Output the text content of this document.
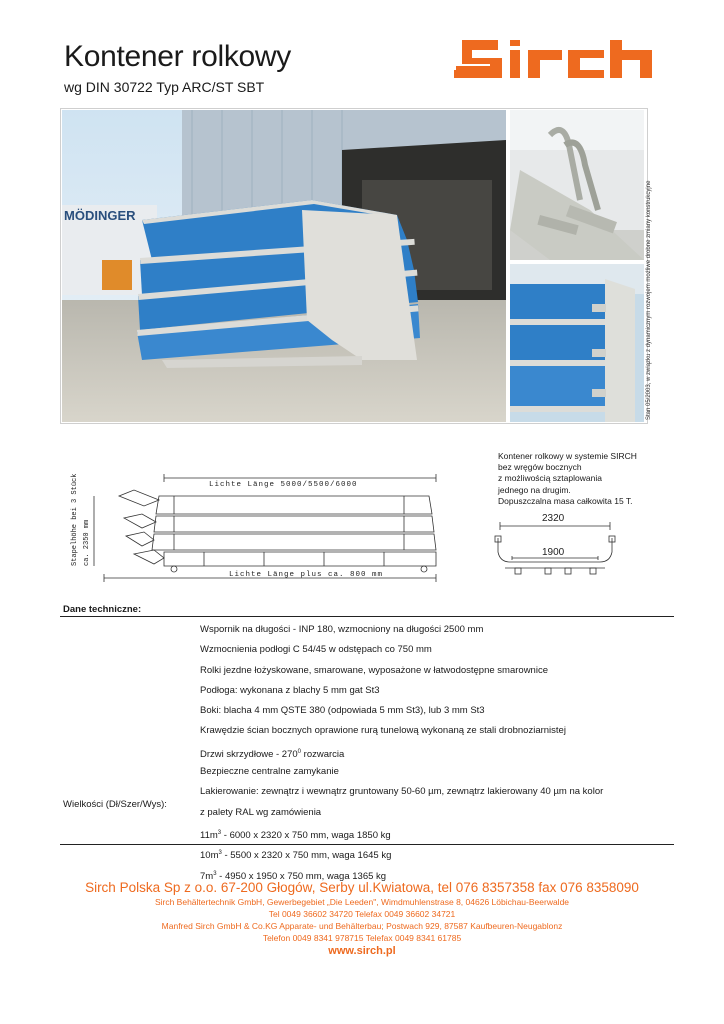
Kontener rolkowy
wg DIN 30722 Typ ARC/ST SBT
MÖDINGER	Stan 05/2003, w związku z dynamicznym rozwojem możliwe drobne zmiany konstrukcyjne
Kontener rolkowy w systemie SIRCH
bez wręgów bocznych
z możliwością sztaplowania
jednego na drugim.
Dopuszczalna masa całkowita 15 T.
Lichte Länge 5000/5500/6000
Lichte Länge plus ca. 800 mm
Stapelhöhe bei 3 Stück ca. 2350 mm
2320
1900
Dane techniczne:
Wspornik na długości - INP 180, wzmocniony na długości 2500 mm
Wzmocnienia podłogi C 54/45 w odstępach co 750 mm
Rolki jezdne łożyskowane, smarowane, wyposażone w łatwodostępne smarownice
Podłoga: wykonana z blachy 5 mm gat St3
Boki: blacha 4 mm QSTE 380 (odpowiada 5 mm St3), lub 3 mm St3
Krawędzie ścian bocznych oprawione rurą tunelową wykonaną ze stali drobnoziarnistej
Drzwi skrzydłowe - $270^0$ rozwarcia
Bezpieczne centralne zamykanie
Lakierowanie: zewnątrz i wewnątrz gruntowany 50-60 µm, zewnątrz lakierowany 40 µm na kolor
z palety RAL wg zamówienia
$11m^3 - 6000$ x 2320 x 750 mm, waga 1850 kg
$10m^3 - 5500$ x 2320 x 750 mm, waga 1645 kg
$7m^3 - 4950$ x 1950 x 750 mm, waga 1365 kg
Wielkości (Dł/Szer/Wys):
Sirch Polska Sp z o.o. 67-200 Głogów, Serby ul.Kwiatowa, tel 076 8357358 fax 076 8358090
Sirch Behältertechnik GmbH, Gewerbegebiet „Die Leeden", Wimdmuhlenstrase 8, 04626 Löbichau-Beerwalde
Tel 0049 36602 34720 Telefax 0049 36602 34721
Manfred Sirch GmbH & Co.KG Apparate- und Behälterbau; Postwach 929, 87587 Kaufbeuren-Neugablonz
Telefon 0049 8341 978715 Telefax 0049 8341 61785
www.sirch.pl
